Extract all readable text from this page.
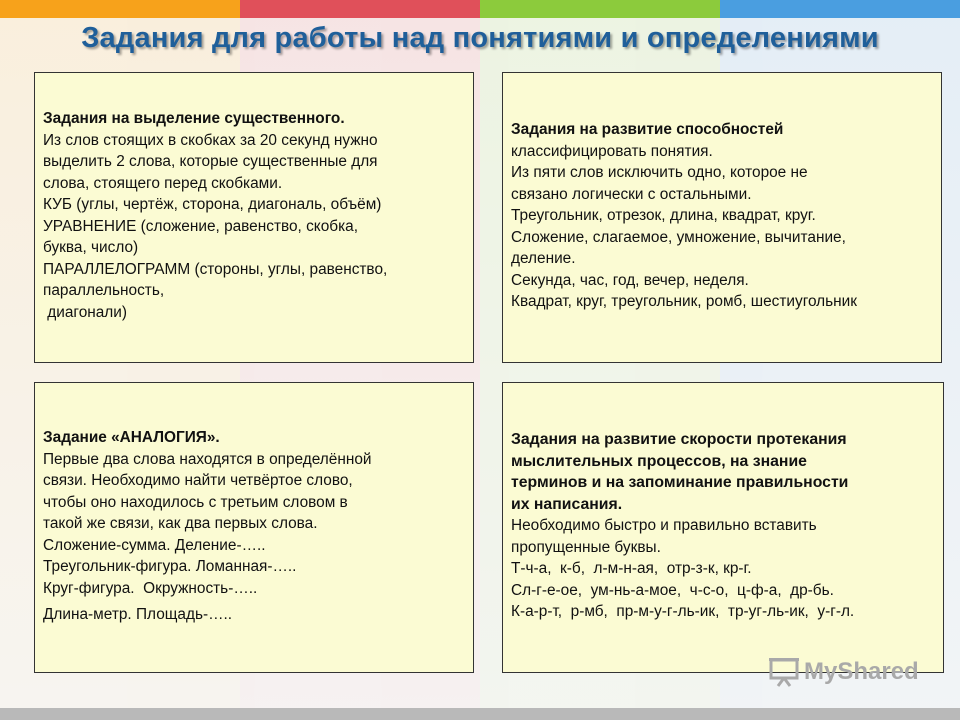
Задания для работы над понятиями и определениями
Задания на выделение существенного.
Из слов стоящих в скобках за 20 секунд нужно
выделить 2 слова, которые существенные для
слова, стоящего перед скобками.
КУБ (углы, чертёж, сторона, диагональ, объём)
УРАВНЕНИЕ (сложение, равенство, скобка,
буква, число)
ПАРАЛЛЕЛОГРАММ (стороны, углы, равенство,
параллельность,
диагонали)
Задания на развитие способностей
классифицировать понятия.
Из пяти слов исключить одно, которое не
связано логически с остальными.
Треугольник, отрезок, длина, квадрат, круг.
Сложение, слагаемое, умножение, вычитание,
деление.
Секунда, час, год, вечер, неделя.
Квадрат, круг, треугольник, ромб, шестиугольник
Задание «АНАЛОГИЯ».
Первые два слова находятся в определённой
связи. Необходимо найти четвёртое слово,
чтобы оно находилось с третьим словом в
такой же связи, как два первых слова.
Сложение-сумма. Деление-…..
Треугольник-фигура. Ломанная-…..
Круг-фигура.  Окружность-…..
Длина-метр. Площадь-…..
Задания на развитие скорости протекания
мыслительных процессов, на знание
терминов и на запоминание правильности
их написания.
Необходимо быстро и правильно вставить
пропущенные буквы.
Т-ч-а,  к-б,  л-м-н-ая,  отр-з-к, кр-г.
Сл-г-е-ое,  ум-нь-а-мое,  ч-с-о,  ц-ф-а,  др-бь.
К-а-р-т,  р-мб,  пр-м-у-г-ль-ик,  тр-уг-ль-ик,  у-г-л.
MyShared
